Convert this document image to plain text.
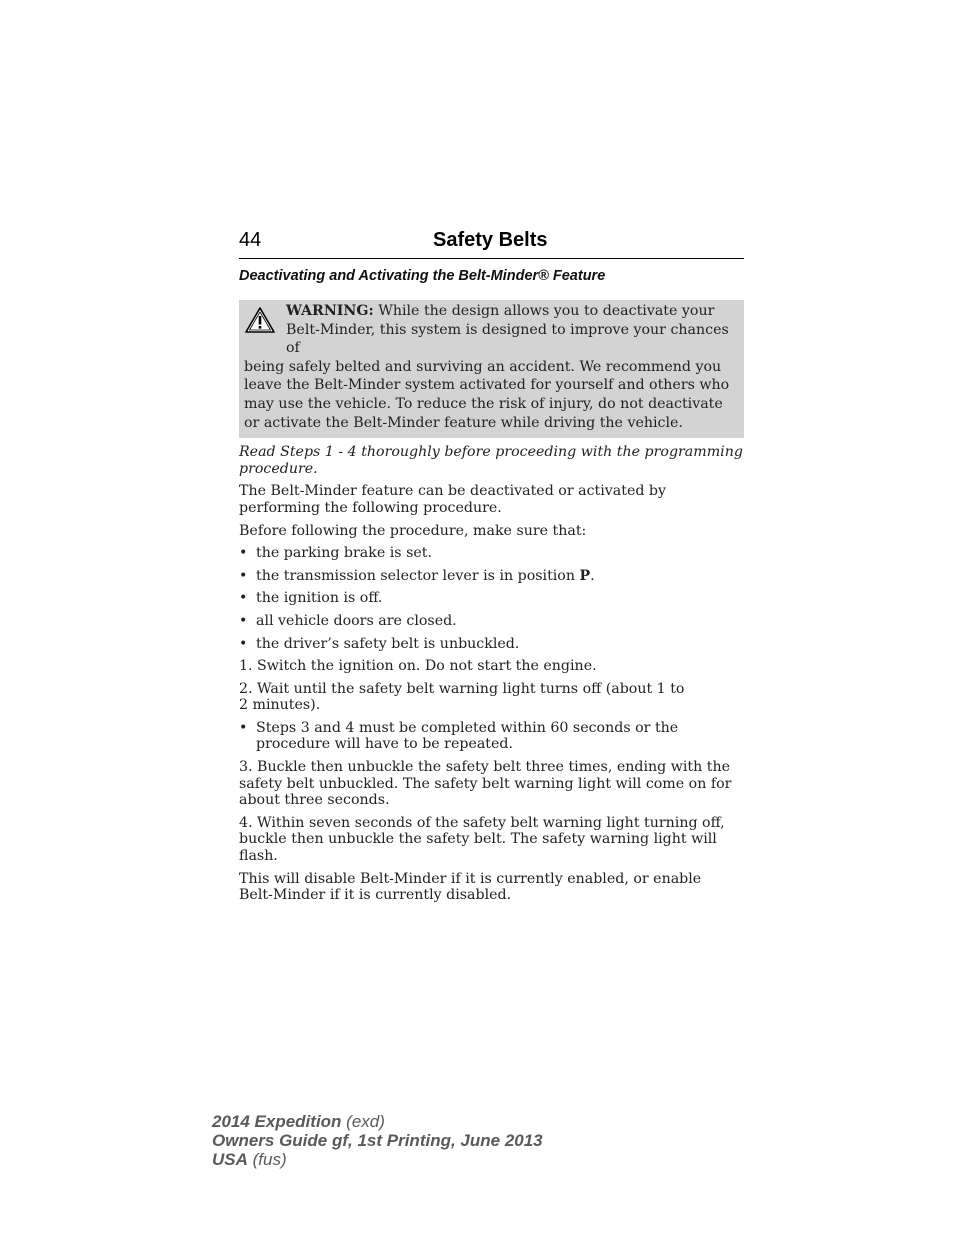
44	Safety Belts
Deactivating and Activating the Belt-Minder® Feature
WARNING: While the design allows you to deactivate your
Belt-Minder, this system is designed to improve your chances of
being safely belted and surviving an accident. We recommend you leave the Belt-Minder system activated for yourself and others who may use the vehicle. To reduce the risk of injury, do not deactivate or activate the Belt-Minder feature while driving the vehicle.

Read Steps 1 - 4 thoroughly before proceeding with the programming procedure.

The Belt-Minder feature can be deactivated or activated by performing the following procedure.

Before following the procedure, make sure that:

• the parking brake is set.
• the transmission selector lever is in position P.
• the ignition is off.
• all vehicle doors are closed.
• the driver’s safety belt is unbuckled.

1. Switch the ignition on. Do not start the engine.

2. Wait until the safety belt warning light turns off (about 1 to
2 minutes).

• Steps 3 and 4 must be completed within 60 seconds or the procedure will have to be repeated.

3. Buckle then unbuckle the safety belt three times, ending with the safety belt unbuckled. The safety belt warning light will come on for about three seconds.

4. Within seven seconds of the safety belt warning light turning off, buckle then unbuckle the safety belt. The safety warning light will flash.

This will disable Belt-Minder if it is currently enabled, or enable
Belt-Minder if it is currently disabled.

2014 Expedition (exd)
Owners Guide gf, 1st Printing, June 2013
USA (fus)
